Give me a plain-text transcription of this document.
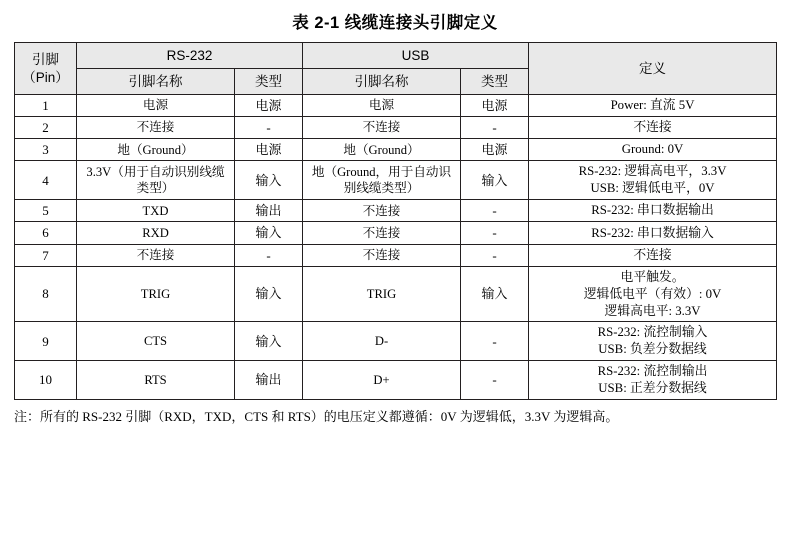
表 2-1 线缆连接头引脚定义
引脚
（Pin）	RS-232		USB		定义
	引脚名称	类型	引脚名称	类型	
1	电源	电源	电源	电源	Power: 直流 5V
2	不连接	-	不连接	-	不连接
3	地（Ground）	电源	地（Ground）	电源	Ground: 0V
4	3.3V（用于自动识别线缆类型）	输入	地（Ground，用于自动识别线缆类型）	输入	RS-232: 逻辑高电平，3.3V
USB: 逻辑低电平，0V
5	TXD	输出	不连接	-	RS-232: 串口数据输出
6	RXD	输入	不连接	-	RS-232: 串口数据输入
7	不连接	-	不连接	-	不连接
8	TRIG	输入	TRIG	输入	电平触发。
逻辑低电平（有效）: 0V
逻辑高电平: 3.3V
9	CTS	输入	D-	-	RS-232: 流控制输入
USB: 负差分数据线
10	RTS	输出	D+	-	RS-232: 流控制输出
USB: 正差分数据线
注：所有的 RS-232 引脚（RXD，TXD，CTS 和 RTS）的电压定义都遵循：0V 为逻辑低，3.3V 为逻辑高。
